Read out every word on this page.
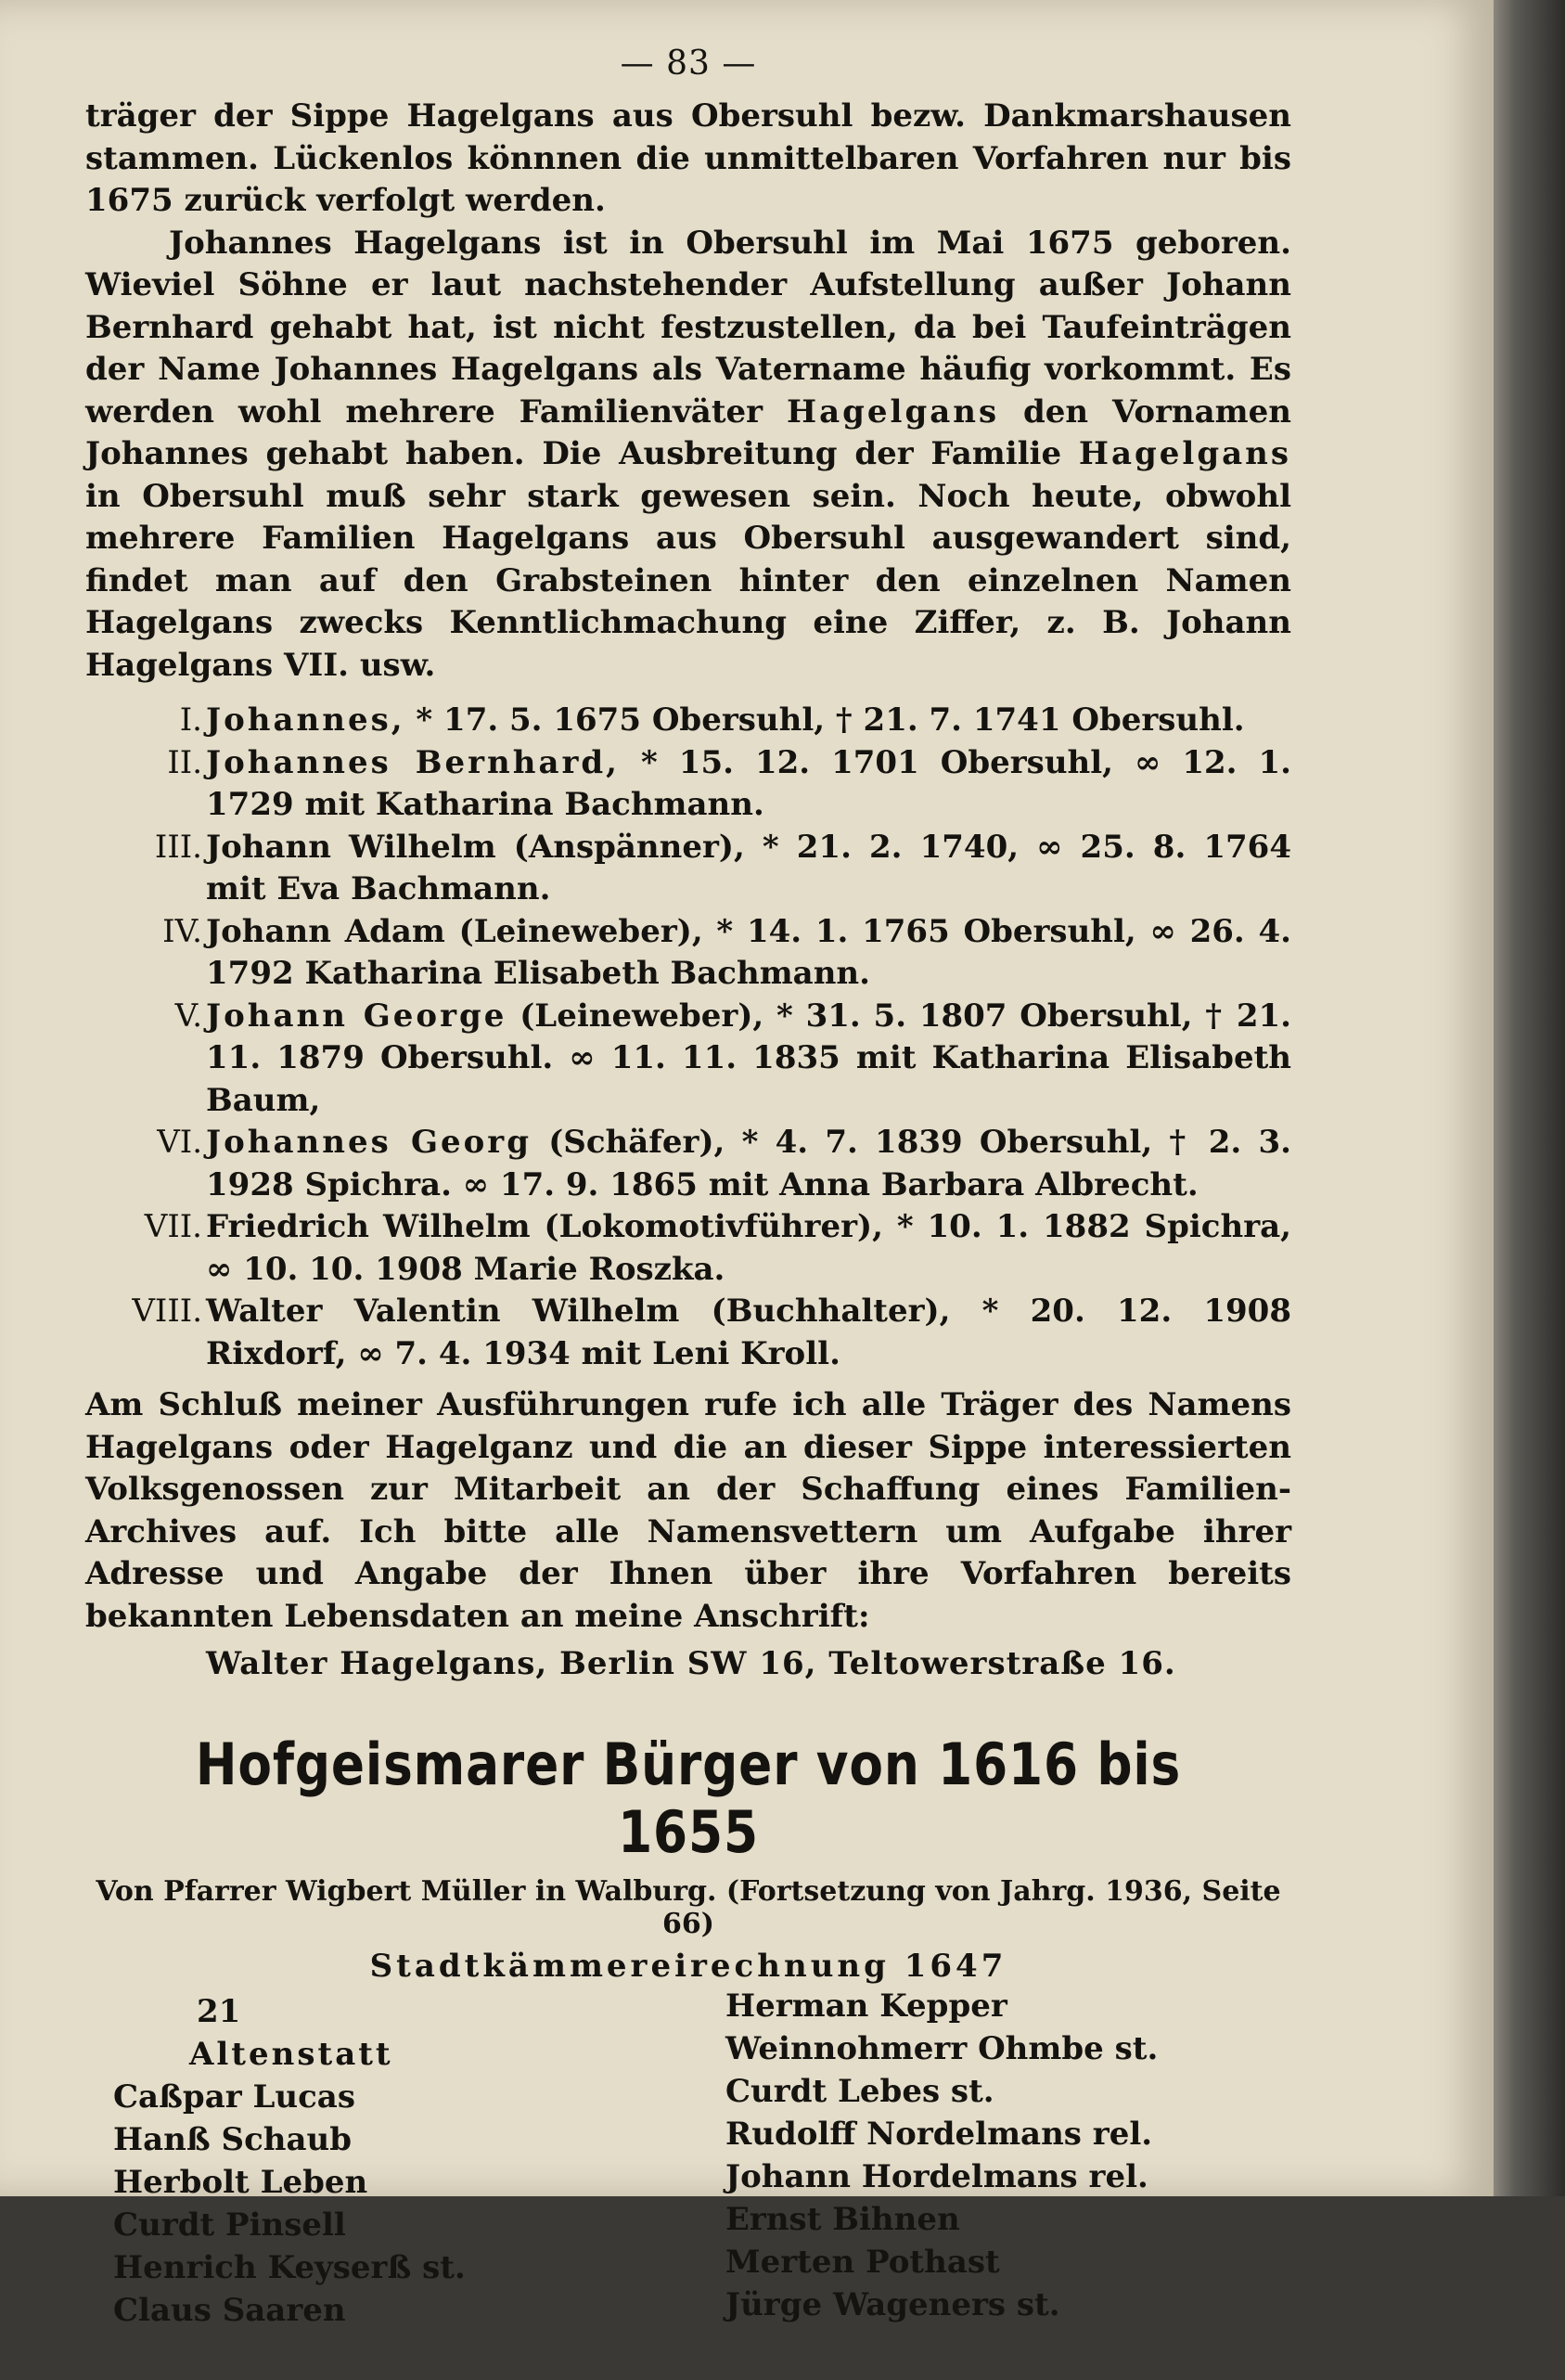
— 83 —

träger der Sippe Hagelgans aus Obersuhl bezw. Dankmarshausen stammen. Lückenlos könnnen die unmittelbaren Vorfahren nur bis 1675 zurück verfolgt werden.

Johannes Hagelgans ist in Obersuhl im Mai 1675 geboren. Wieviel Söhne er laut nachstehender Aufstellung außer Johann Bernhard gehabt hat, ist nicht festzustellen, da bei Taufeinträgen der Name Johannes Hagelgans als Vatername häufig vorkommt. Es werden wohl mehrere Familienväter Hagelgans den Vornamen Johannes gehabt haben. Die Ausbreitung der Familie Hagelgans in Obersuhl muß sehr stark gewesen sein. Noch heute, obwohl mehrere Familien Hagelgans aus Obersuhl ausgewandert sind, findet man auf den Grabsteinen hinter den einzelnen Namen Hagelgans zwecks Kenntlichmachung eine Ziffer, z. B. Johann Hagelgans VII. usw.

I. Johannes, * 17. 5. 1675 Obersuhl, † 21. 7. 1741 Obersuhl.
II. Johannes Bernhard, * 15. 12. 1701 Obersuhl, ∞ 12. 1. 1729 mit Katharina Bachmann.
III. Johann Wilhelm (Anspänner), * 21. 2. 1740, ∞ 25. 8. 1764 mit Eva Bachmann.
IV. Johann Adam (Leineweber), * 14. 1. 1765 Obersuhl, ∞ 26. 4. 1792 Katharina Elisabeth Bachmann.
V. Johann George (Leineweber), * 31. 5. 1807 Obersuhl, † 21. 11. 1879 Obersuhl. ∞ 11. 11. 1835 mit Katharina Elisabeth Baum,
VI. Johannes Georg (Schäfer), * 4. 7. 1839 Obersuhl, † 2. 3. 1928 Spichra. ∞ 17. 9. 1865 mit Anna Barbara Albrecht.
VII. Friedrich Wilhelm (Lokomotivführer), * 10. 1. 1882 Spichra, ∞ 10. 10. 1908 Marie Roszka.
VIII. Walter Valentin Wilhelm (Buchhalter), * 20. 12. 1908 Rixdorf, ∞ 7. 4. 1934 mit Leni Kroll.

Am Schluß meiner Ausführungen rufe ich alle Träger des Namens Hagelgans oder Hagelganz und die an dieser Sippe interessierten Volksgenossen zur Mitarbeit an der Schaffung eines Familien-Archives auf. Ich bitte alle Namensvettern um Aufgabe ihrer Adresse und Angabe der Ihnen über ihre Vorfahren bereits bekannten Lebensdaten an meine Anschrift:

Walter Hagelgans, Berlin SW 16, Teltowerstraße 16.
Hofgeismarer Bürger von 1616 bis 1655
Von Pfarrer Wigbert Müller in Walburg. (Fortsetzung von Jahrg. 1936, Seite 66)
Stadtkämmereirechnung 1647
21
Altenstatt
Caßpar Lucas
Hanß Schaub
Herbolt Leben
Curdt Pinsell
Henrich Keyserß st.
Claus Saaren
Herman Kepper
Weinnohmerr Ohmbe st.
Curdt Lebes st.
Rudolff Nordelmans rel.
Johann Hordelmans rel.
Ernst Bihnen
Merten Pothast
Jürge Wageners st.
